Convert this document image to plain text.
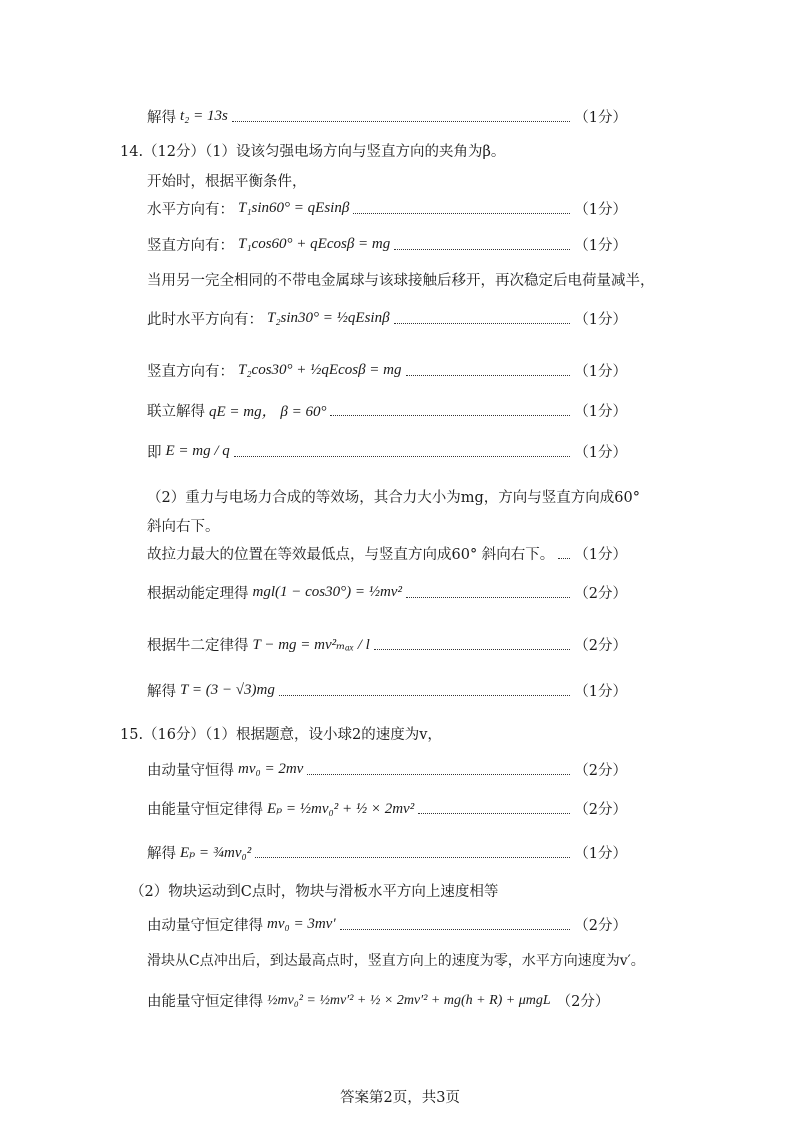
解得 t₂ = 13s	（1分）
14.（12分）（1）设该匀强电场方向与竖直方向的夹角为β。
开始时，根据平衡条件，
水平方向有： T₁sin60° = qEsinβ	（1分）
竖直方向有： T₁cos60° + qEcosβ = mg	（1分）
当用另一完全相同的不带电金属球与该球接触后移开，再次稳定后电荷量减半，
此时水平方向有： T₂sin30° = ½qEsinβ	（1分）
竖直方向有： T₂cos30° + ½qEcosβ = mg	（1分）
联立解得 qE = mg， β = 60°	（1分）
即 E = mg / q	（1分）
（2）重力与电场力合成的等效场，其合力大小为mg，方向与竖直方向成60°
斜向右下。
故拉力最大的位置在等效最低点，与竖直方向成60° 斜向右下。 （1分）
根据动能定理得 mgl(1 − cos30°) = ½mv²	（2分）
根据牛二定律得 T − mg = mv²ₘₐₓ / l	（2分）
解得 T = (3 − √3)mg	（1分）
15.（16分）（1）根据题意，设小球2的速度为v，
由动量守恒得 mv₀ = 2mv	（2分）
由能量守恒定律得 Eₚ = ½mv₀² + ½ × 2mv²	（2分）
解得 Eₚ = ¾mv₀²	（1分）
（2）物块运动到C点时，物块与滑板水平方向上速度相等
由动量守恒定律得 mv₀ = 3mv′	（2分）
滑块从C点冲出后，到达最高点时，竖直方向上的速度为零，水平方向速度为v′。
由能量守恒定律得 ½mv₀² = ½mv′² + ½ × 2mv′² + mg(h + R) + μmgL （2分）
答案第2页，共3页
